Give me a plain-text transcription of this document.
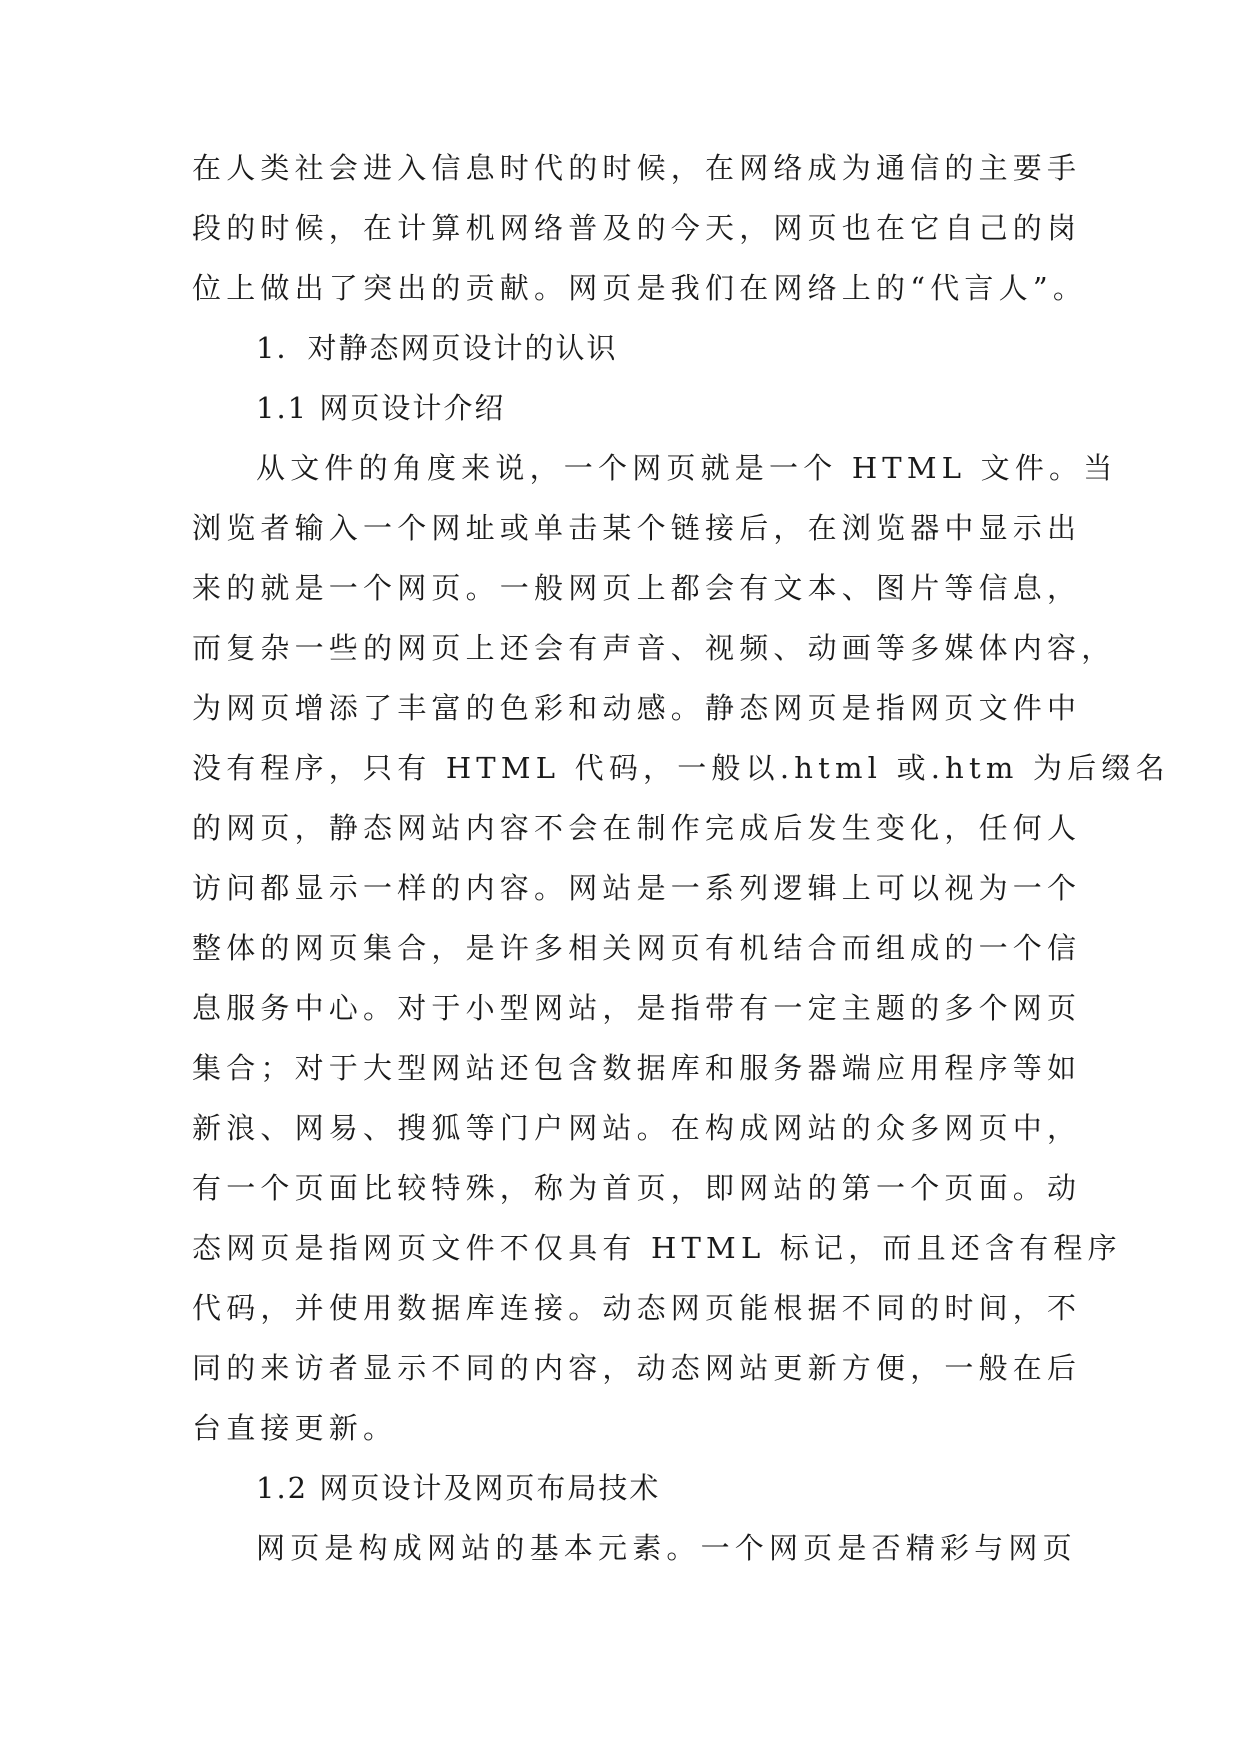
在人类社会进入信息时代的时候，在网络成为通信的主要手
段的时候，在计算机网络普及的今天，网页也在它自己的岗
位上做出了突出的贡献。网页是我们在网络上的“代言人”。
1．对静态网页设计的认识
1.1 网页设计介绍
从文件的角度来说，一个网页就是一个 HTML 文件。当
浏览者输入一个网址或单击某个链接后，在浏览器中显示出
来的就是一个网页。一般网页上都会有文本、图片等信息，
而复杂一些的网页上还会有声音、视频、动画等多媒体内容，
为网页增添了丰富的色彩和动感。静态网页是指网页文件中
没有程序，只有 HTML 代码，一般以.html 或.htm 为后缀名
的网页，静态网站内容不会在制作完成后发生变化，任何人
访问都显示一样的内容。网站是一系列逻辑上可以视为一个
整体的网页集合，是许多相关网页有机结合而组成的一个信
息服务中心。对于小型网站，是指带有一定主题的多个网页
集合；对于大型网站还包含数据库和服务器端应用程序等如
新浪、网易、搜狐等门户网站。在构成网站的众多网页中，
有一个页面比较特殊，称为首页，即网站的第一个页面。动
态网页是指网页文件不仅具有 HTML 标记，而且还含有程序
代码，并使用数据库连接。动态网页能根据不同的时间，不
同的来访者显示不同的内容，动态网站更新方便，一般在后
台直接更新。
1.2 网页设计及网页布局技术
网页是构成网站的基本元素。一个网页是否精彩与网页
